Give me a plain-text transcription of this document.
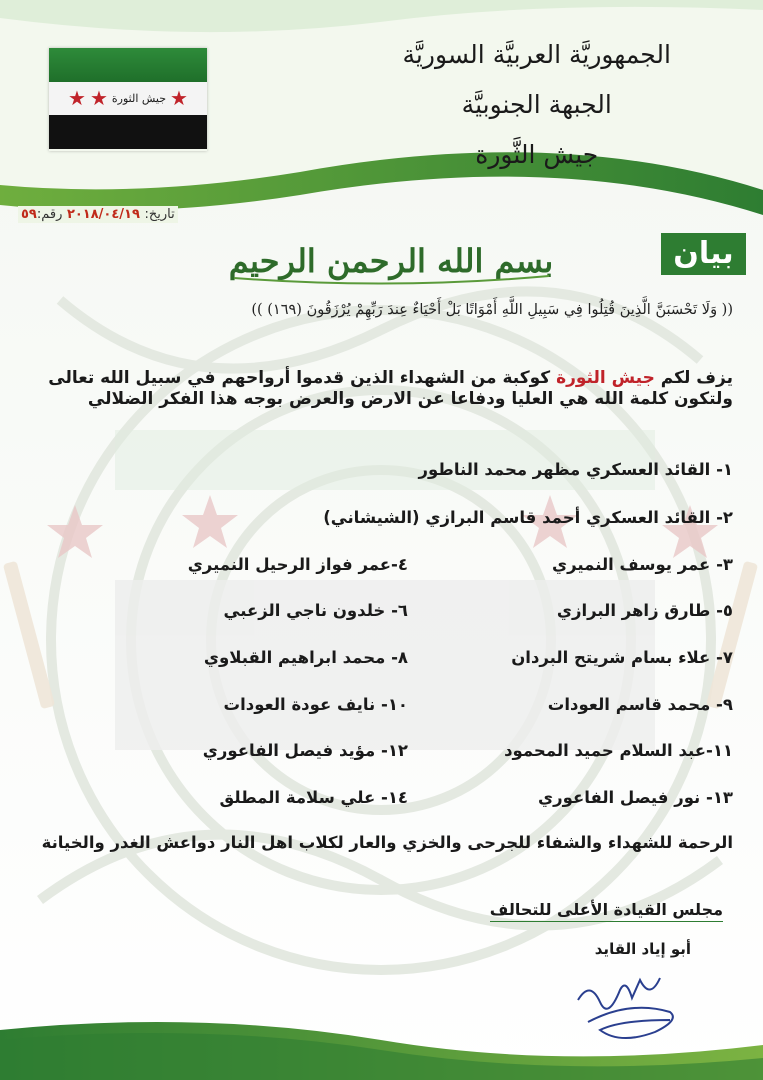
★
جيش الثورة
★
★
الجمهوريَّة العربيَّة السوريَّة
الجبهة الجنوبيَّة
جيش الثَّورة
تاريخ: ٢٠١٨/٠٤/١٩ رقم:٥٩
بسم الله الرحمن الرحيم	بيان
(( وَلَا تَحْسَبَنَّ الَّذِينَ قُتِلُوا فِي سَبِيلِ اللَّهِ أَمْوَاتًا بَلْ أَحْيَاءٌ عِندَ رَبِّهِمْ يُرْزَقُونَ (١٦٩) ))
يزف لكم جيش الثورة كوكبة من الشهداء الذين قدموا أرواحهم في سبيل الله تعالى ولتكون كلمة الله هي العليا ودفاعا عن الارض والعرض بوجه هذا الفكر الضلالي
١- القائد العسكري مظهر محمد الناطور
٢- القائد العسكري أحمد قاسم البرازي (الشيشاني)
٣- عمر يوسف النميري
٤-عمر فواز الرحيل النميري
٥- طارق زاهر البرازي
٦- خلدون ناجي الزعبي
٧- علاء بسام شريتح البردان
٨- محمد ابراهيم القبلاوي
٩- محمد قاسم العودات
١٠- نايف عودة العودات
١١-عبد السلام حميد المحمود
١٢- مؤيد فيصل الفاعوري
١٣- نور فيصل الفاعوري
١٤- علي سلامة المطلق
الرحمة للشهداء والشفاء للجرحى والخزي والعار لكلاب اهل النار دواعش الغدر والخيانة
مجلس القيادة الأعلى للتحالف
أبو إياد القايد
